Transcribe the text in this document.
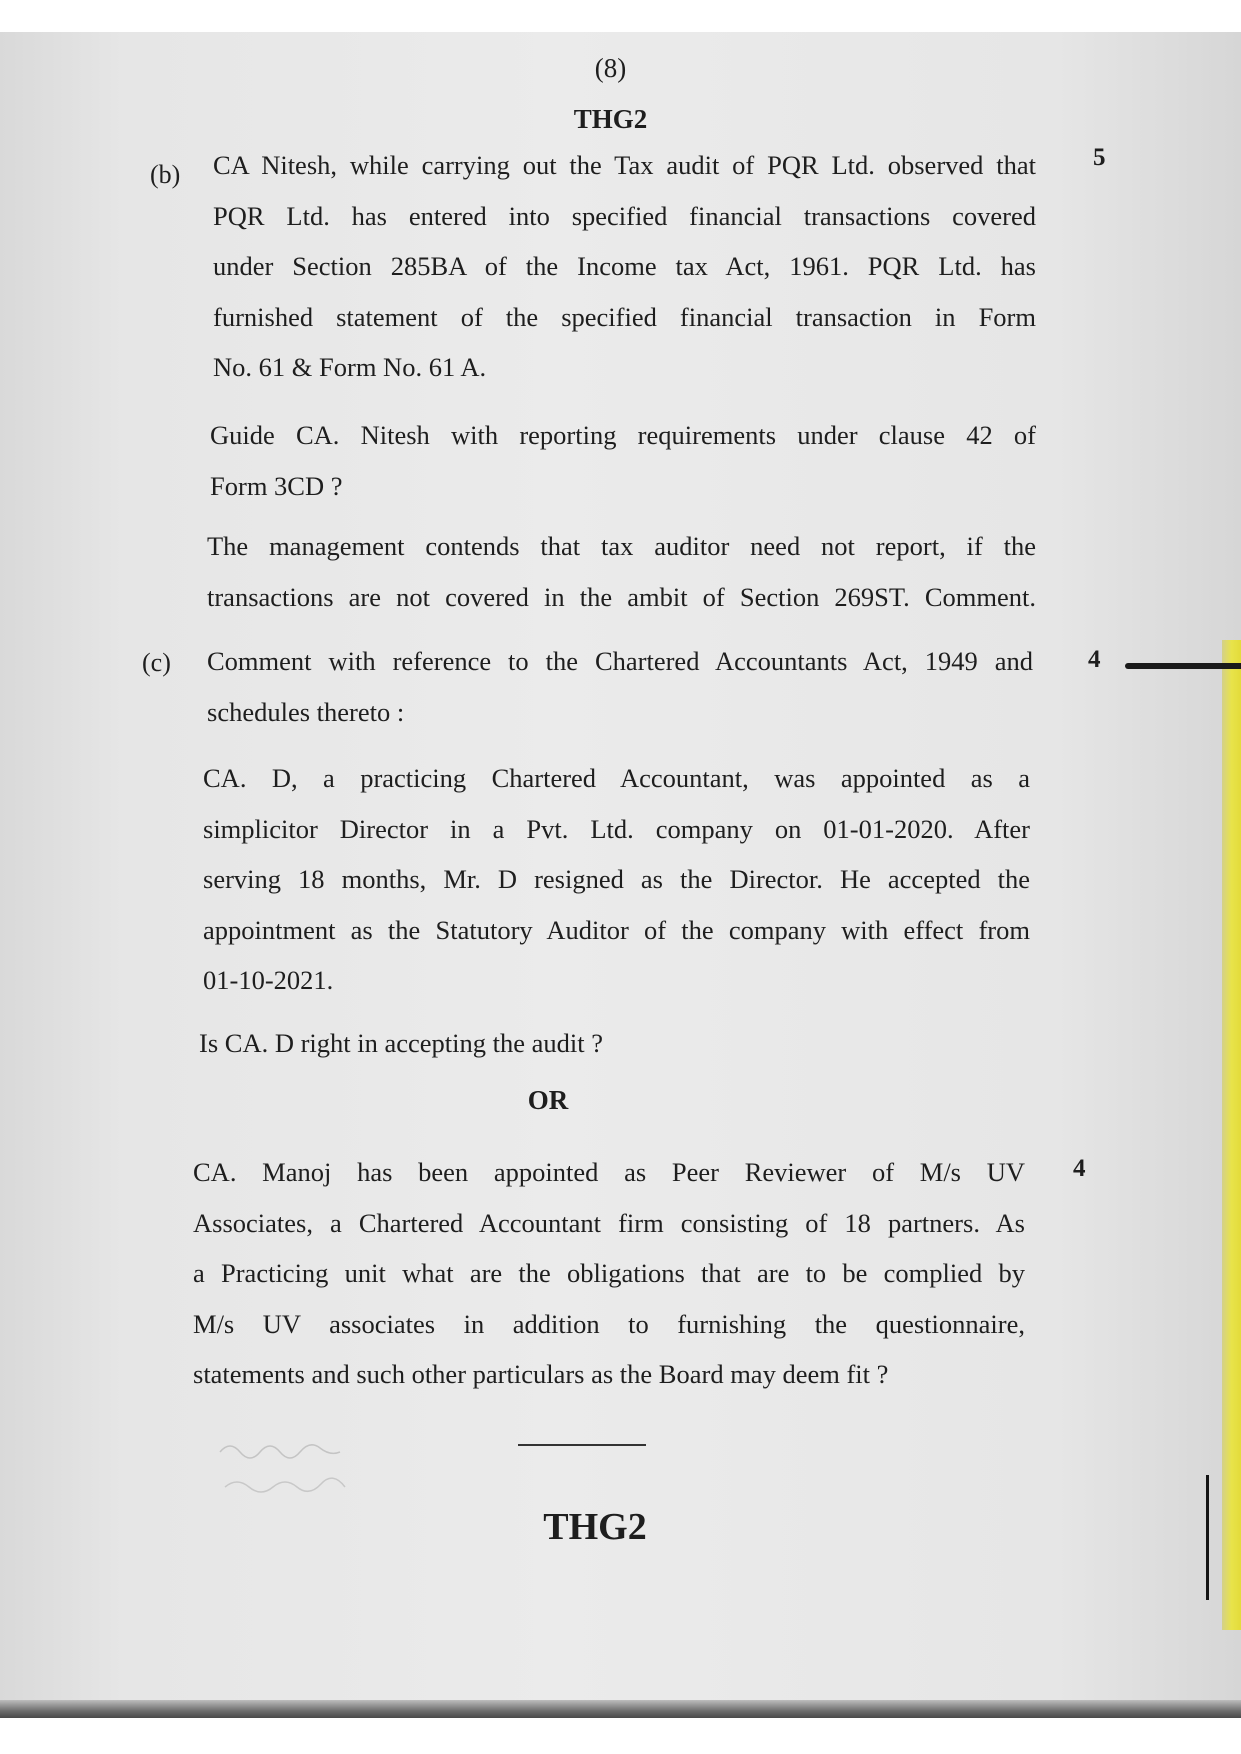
(8)
THG2
(b)
5
CA Nitesh, while carrying out the Tax audit of PQR Ltd. observed that
PQR Ltd. has entered into specified financial transactions covered
under Section 285BA of the Income tax Act, 1961. PQR Ltd. has
furnished statement of the specified financial transaction in Form
No. 61 & Form No. 61 A.
Guide CA. Nitesh with reporting requirements under clause 42 of
Form 3CD ?
The management contends that tax auditor need not report, if the
transactions are not covered in the ambit of Section 269ST. Comment.
(c)	4
Comment with reference to the Chartered Accountants Act, 1949 and
schedules thereto :
CA. D, a practicing Chartered Accountant, was appointed as a
simplicitor Director in a Pvt. Ltd. company on 01-01-2020. After
serving 18 months, Mr. D resigned as the Director. He accepted the
appointment as the Statutory Auditor of the company with effect from
01-10-2021.
Is CA. D right in accepting the audit ?
OR
4
CA. Manoj has been appointed as Peer Reviewer of M/s UV
Associates, a Chartered Accountant firm consisting of 18 partners. As
a Practicing unit what are the obligations that are to be complied by
M/s UV associates in addition to furnishing the questionnaire,
statements and such other particulars as the Board may deem fit ?
THG2
